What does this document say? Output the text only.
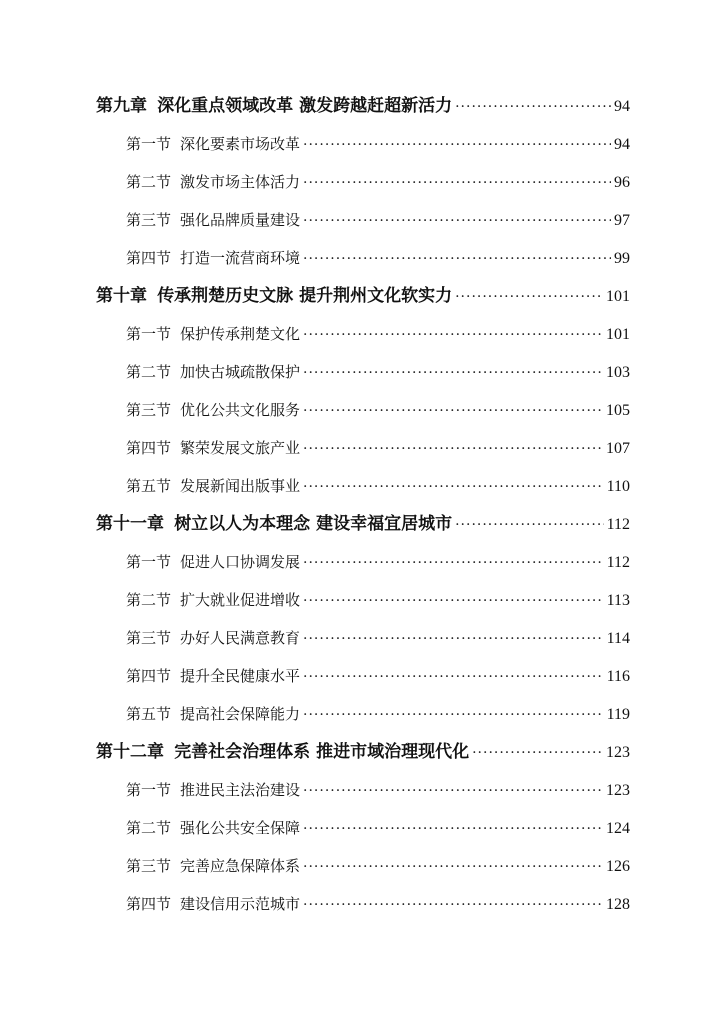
第九章 深化重点领域改革 激发跨越赶超新活力 ·····	94
第一节 深化要素市场改革 ·····	94
第二节 激发市场主体活力 ·····	96
第三节 强化品牌质量建设 ·····	97
第四节 打造一流营商环境 ·····	99
第十章 传承荆楚历史文脉 提升荆州文化软实力 ·····	101
第一节 保护传承荆楚文化 ·····	101
第二节 加快古城疏散保护 ·····	103
第三节 优化公共文化服务 ·····	105
第四节 繁荣发展文旅产业 ·····	107
第五节 发展新闻出版事业 ·····	110
第十一章 树立以人为本理念 建设幸福宜居城市 ·····	112
第一节 促进人口协调发展 ·····	112
第二节 扩大就业促进增收 ·····	113
第三节 办好人民满意教育 ·····	114
第四节 提升全民健康水平 ·····	116
第五节 提高社会保障能力 ·····	119
第十二章 完善社会治理体系 推进市域治理现代化 ·····	123
第一节 推进民主法治建设 ·····	123
第二节 强化公共安全保障 ·····	124
第三节 完善应急保障体系 ·····	126
第四节 建设信用示范城市 ·····	128
